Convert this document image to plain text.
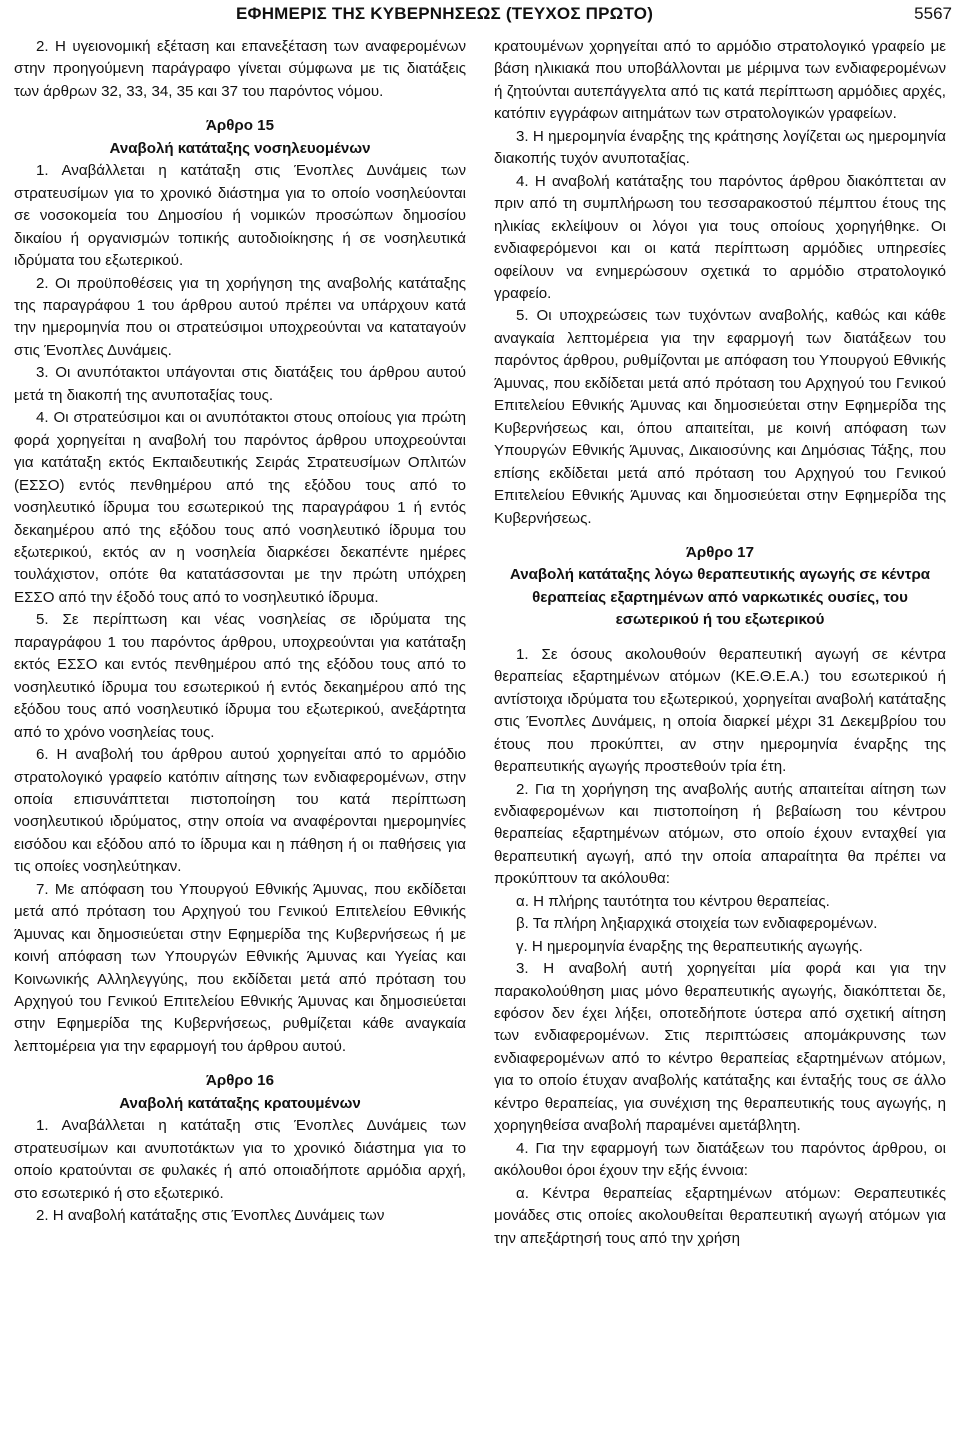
ΕΦΗΜΕΡΙΣ ΤΗΣ ΚΥΒΕΡΝΗΣΕΩΣ (ΤΕΥΧΟΣ ΠΡΩΤΟ)	5567

2. Η υγειονομική εξέταση και επανεξέταση των αναφερομένων στην προηγούμενη παράγραφο γίνεται σύμφωνα με τις διατάξεις των άρθρων 32, 33, 34, 35 και 37 του παρόντος νόμου.

Άρθρο 15
Αναβολή κατάταξης νοσηλευομένων

1. Αναβάλλεται η κατάταξη στις Ένοπλες Δυνάμεις των στρατευσίμων για το χρονικό διάστημα για το οποίο νοσηλεύονται σε νοσοκομεία του Δημοσίου ή νομικών προσώπων δημοσίου δικαίου ή οργανισμών τοπικής αυτοδιοίκησης ή σε νοσηλευτικά ιδρύματα του εξωτερικού.

2. Οι προϋποθέσεις για τη χορήγηση της αναβολής κατάταξης της παραγράφου 1 του άρθρου αυτού πρέπει να υπάρχουν κατά την ημερομηνία που οι στρατεύσιμοι υποχρεούνται να καταταγούν στις Ένοπλες Δυνάμεις.

3. Οι ανυπότακτοι υπάγονται στις διατάξεις του άρθρου αυτού μετά τη διακοπή της ανυποταξίας τους.

4. Οι στρατεύσιμοι και οι ανυπότακτοι στους οποίους για πρώτη φορά χορηγείται η αναβολή του παρόντος άρθρου υποχρεούνται για κατάταξη εκτός Εκπαιδευτικής Σειράς Στρατευσίμων Οπλιτών (ΕΣΣΟ) εντός πενθημέρου από της εξόδου τους από το νοσηλευτικό ίδρυμα του εσωτερικού της παραγράφου 1 ή εντός δεκαημέρου από της εξόδου τους από νοσηλευτικό ίδρυμα του εξωτερικού, εκτός αν η νοσηλεία διαρκέσει δεκαπέντε ημέρες τουλάχιστον, οπότε θα κατατάσσονται με την πρώτη υπόχρεη ΕΣΣΟ από την έξοδό τους από το νοσηλευτικό ίδρυμα.

5. Σε περίπτωση και νέας νοσηλείας σε ιδρύματα της παραγράφου 1 του παρόντος άρθρου, υποχρεούνται για κατάταξη εκτός ΕΣΣΟ και εντός πενθημέρου από της εξόδου τους από το νοσηλευτικό ίδρυμα του εσωτερικού ή εντός δεκαημέρου από της εξόδου τους από νοσηλευτικό ίδρυμα του εξωτερικού, ανεξάρτητα από το χρόνο νοσηλείας τους.

6. Η αναβολή του άρθρου αυτού χορηγείται από το αρμόδιο στρατολογικό γραφείο κατόπιν αίτησης των ενδιαφερομένων, στην οποία επισυνάπτεται πιστοποίηση του κατά περίπτωση νοσηλευτικού ιδρύματος, στην οποία να αναφέρονται ημερομηνίες εισόδου και εξόδου από το ίδρυμα και η πάθηση ή οι παθήσεις για τις οποίες νοσηλεύτηκαν.

7. Με απόφαση του Υπουργού Εθνικής Άμυνας, που εκδίδεται μετά από πρόταση του Αρχηγού του Γενικού Επιτελείου Εθνικής Άμυνας και δημοσιεύεται στην Εφημερίδα της Κυβερνήσεως ή με κοινή απόφαση των Υπουργών Εθνικής Άμυνας και Υγείας και Κοινωνικής Αλληλεγγύης, που εκδίδεται μετά από πρόταση του Αρχηγού του Γενικού Επιτελείου Εθνικής Άμυνας και δημοσιεύεται στην Εφημερίδα της Κυβερνήσεως, ρυθμίζεται κάθε αναγκαία λεπτομέρεια για την εφαρμογή του άρθρου αυτού.

Άρθρο 16
Αναβολή κατάταξης κρατουμένων

1. Αναβάλλεται η κατάταξη στις Ένοπλες Δυνάμεις των στρατευσίμων και ανυποτάκτων για το χρονικό διάστημα για το οποίο κρατούνται σε φυλακές ή από οποιαδήποτε αρμόδια αρχή, στο εσωτερικό ή στο εξωτερικό.

2. Η αναβολή κατάταξης στις Ένοπλες Δυνάμεις των

κρατουμένων χορηγείται από το αρμόδιο στρατολογικό γραφείο με βάση ηλικιακά που υποβάλλονται με μέριμνα των ενδιαφερομένων ή ζητούνται αυτεπάγγελτα από τις κατά περίπτωση αρμόδιες αρχές, κατόπιν εγγράφων αιτημάτων των στρατολογικών γραφείων.

3. Η ημερομηνία έναρξης της κράτησης λογίζεται ως ημερομηνία διακοπής τυχόν ανυποταξίας.

4. Η αναβολή κατάταξης του παρόντος άρθρου διακόπτεται αν πριν από τη συμπλήρωση του τεσσαρακοστού πέμπτου έτους της ηλικίας εκλείψουν οι λόγοι για τους οποίους χορηγήθηκε. Οι ενδιαφερόμενοι και οι κατά περίπτωση αρμόδιες υπηρεσίες οφείλουν να ενημερώσουν σχετικά το αρμόδιο στρατολογικό γραφείο.

5. Οι υποχρεώσεις των τυχόντων αναβολής, καθώς και κάθε αναγκαία λεπτομέρεια για την εφαρμογή των διατάξεων του παρόντος άρθρου, ρυθμίζονται με απόφαση του Υπουργού Εθνικής Άμυνας, που εκδίδεται μετά από πρόταση του Αρχηγού του Γενικού Επιτελείου Εθνικής Άμυνας και δημοσιεύεται στην Εφημερίδα της Κυβερνήσεως και, όπου απαιτείται, με κοινή απόφαση των Υπουργών Εθνικής Άμυνας, Δικαιοσύνης και Δημόσιας Τάξης, που επίσης εκδίδεται μετά από πρόταση του Αρχηγού του Γενικού Επιτελείου Εθνικής Άμυνας και δημοσιεύεται στην Εφημερίδα της Κυβερνήσεως.

Άρθρο 17
Αναβολή κατάταξης λόγω θεραπευτικής αγωγής σε κέντρα θεραπείας εξαρτημένων από ναρκωτικές ουσίες, του εσωτερικού ή του εξωτερικού

1. Σε όσους ακολουθούν θεραπευτική αγωγή σε κέντρα θεραπείας εξαρτημένων ατόμων (ΚΕ.Θ.Ε.Α.) του εσωτερικού ή αντίστοιχα ιδρύματα του εξωτερικού, χορηγείται αναβολή κατάταξης στις Ένοπλες Δυνάμεις, η οποία διαρκεί μέχρι 31 Δεκεμβρίου του έτους που προκύπτει, αν στην ημερομηνία έναρξης της θεραπευτικής αγωγής προστεθούν τρία έτη.

2. Για τη χορήγηση της αναβολής αυτής απαιτείται αίτηση των ενδιαφερομένων και πιστοποίηση ή βεβαίωση του κέντρου θεραπείας εξαρτημένων ατόμων, στο οποίο έχουν ενταχθεί για θεραπευτική αγωγή, από την οποία απαραίτητα θα πρέπει να προκύπτουν τα ακόλουθα:

α. Η πλήρης ταυτότητα του κέντρου θεραπείας.

β. Τα πλήρη ληξιαρχικά στοιχεία των ενδιαφερομένων.

γ. Η ημερομηνία έναρξης της θεραπευτικής αγωγής.

3. Η αναβολή αυτή χορηγείται μία φορά και για την παρακολούθηση μιας μόνο θεραπευτικής αγωγής, διακόπτεται δε, εφόσον δεν έχει λήξει, οποτεδήποτε ύστερα από σχετική αίτηση των ενδιαφερομένων. Στις περιπτώσεις απομάκρυνσης των ενδιαφερομένων από το κέντρο θεραπείας εξαρτημένων ατόμων, για το οποίο έτυχαν αναβολής κατάταξης και ένταξής τους σε άλλο κέντρο θεραπείας, για συνέχιση της θεραπευτικής τους αγωγής, η χορηγηθείσα αναβολή παραμένει αμετάβλητη.

4. Για την εφαρμογή των διατάξεων του παρόντος άρθρου, οι ακόλουθοι όροι έχουν την εξής έννοια:

α. Κέντρα θεραπείας εξαρτημένων ατόμων: Θεραπευτικές μονάδες στις οποίες ακολουθείται θεραπευτική αγωγή ατόμων για την απεξάρτησή τους από την χρήση
